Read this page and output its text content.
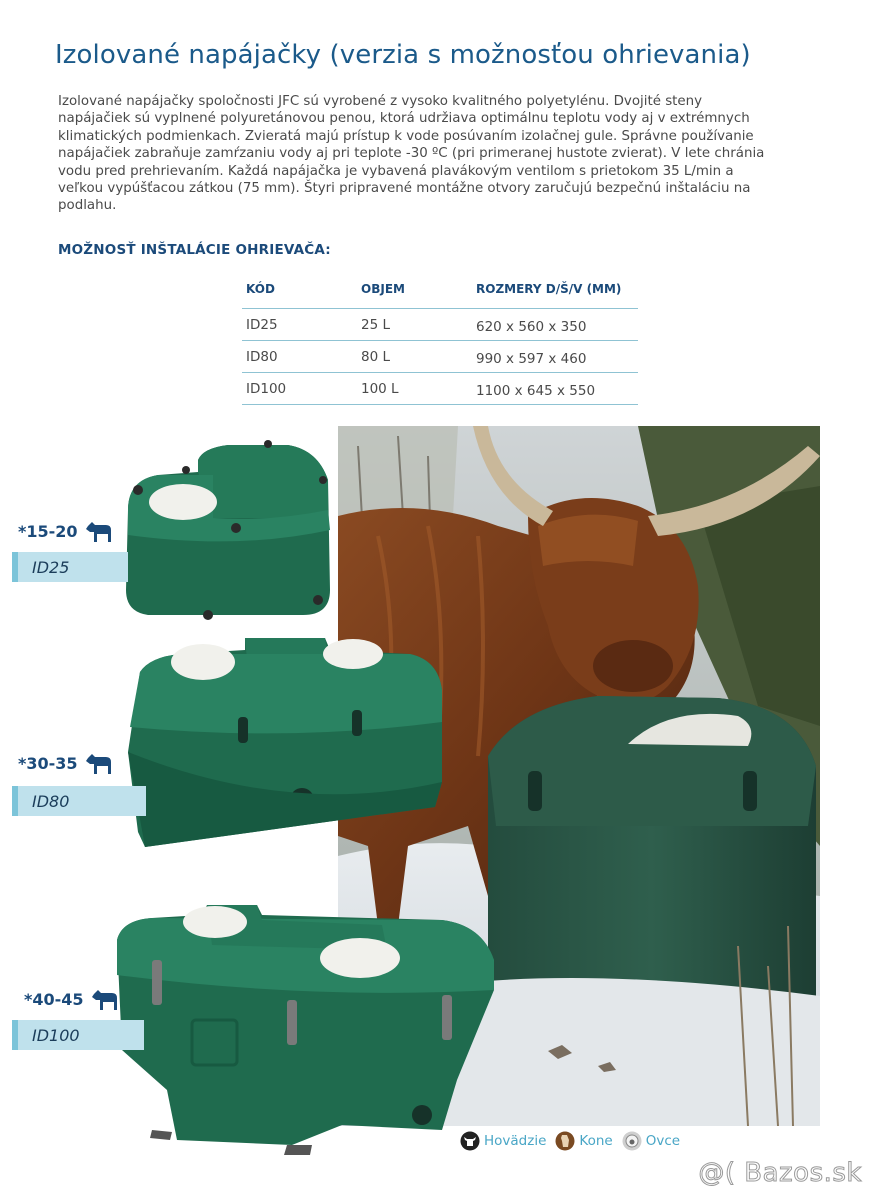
Izolované napájačky (verzia s možnosťou ohrievania)

Izolované napájačky spoločnosti JFC sú vyrobené z vysoko kvalitného polyetylénu. Dvojité steny napájačiek sú vyplnené polyuretánovou penou, ktorá udržiava optimálnu teplotu vody aj v extrémnych klimatických podmienkach. Zvieratá majú prístup k vode posúvaním izolačnej gule. Správne používanie napájačiek zabraňuje zamŕzaniu vody aj pri teplote -30 ºC (pri primeranej hustote zvierat). V lete chránia vodu pred prehrievaním. Každá napájačka je vybavená plavákovým ventilom s prietokom 35 L/min a veľkou vypúšťacou zátkou (75 mm). Štyri pripravené montážne otvory zaručujú bezpečnú inštaláciu na podlahu.

MOŽNOSŤ INŠTALÁCIE OHRIEVAČA:
KÓD	OBJEM	ROZMERY D/Š/V (MM)
ID25	25 L	620 x 560 x 350
ID80	80 L	990 x 597 x 460
ID100	100 L	1100 x 645 x 550
*15-20
ID25
*30-35
ID80
*40-45
ID100
Hovädzie Kone Ovce
@( Bazos.sk
